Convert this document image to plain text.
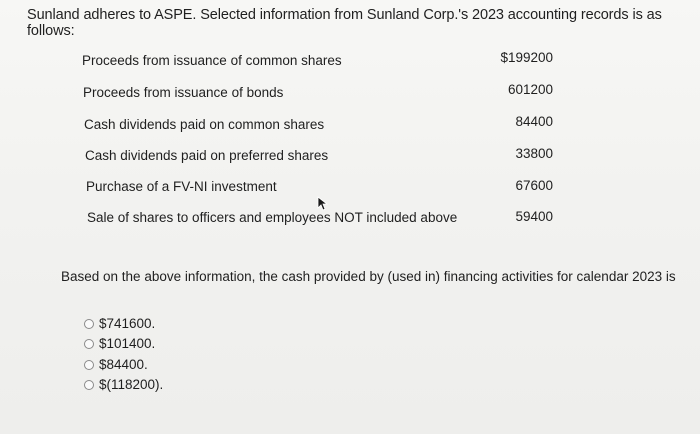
Sunland adheres to ASPE. Selected information from Sunland Corp.'s 2023 accounting records is as follows:
Proceeds from issuance of common shares	$199200
Proceeds from issuance of bonds	601200
Cash dividends paid on common shares	84400
Cash dividends paid on preferred shares	33800
Purchase of a FV-NI investment	67600
Sale of shares to officers and employees NOT included above	59400
Based on the above information, the cash provided by (used in) financing activities for calendar 2023 is
$741600.
$101400.
$84400.
$(118200).
